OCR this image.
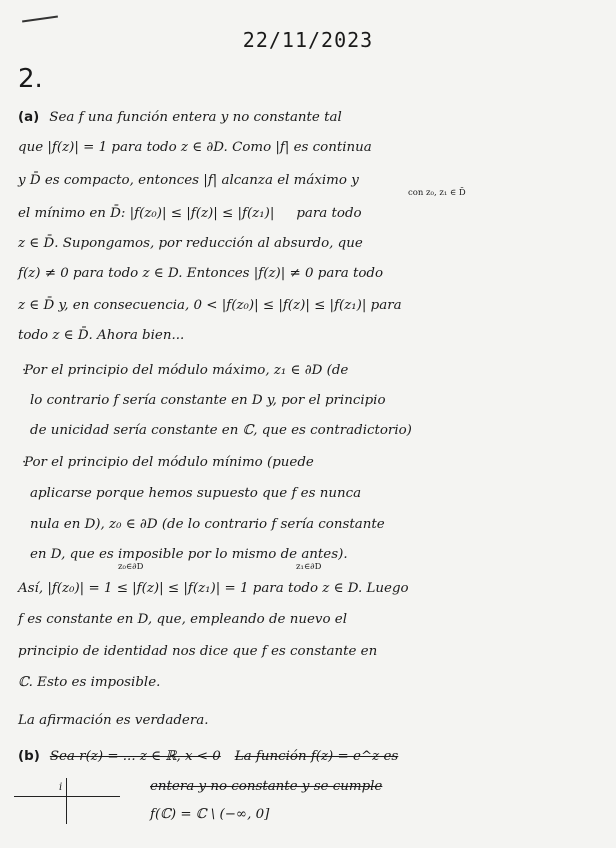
22/11/2023
2.
(a) Sea f una función entera y no constante tal
que |f(z)| = 1 para todo z ∈ ∂D. Como |f| es continua
y D̄ es compacto, entonces |f| alcanza el máximo y
con z₀, z₁ ∈ D̄
el mínimo en D̄: |f(z₀)| ≤ |f(z)| ≤ |f(z₁)| para todo
z ∈ D̄. Supongamos, por reducción al absurdo, que
f(z) ≠ 0 para todo z ∈ D. Entonces |f(z)| ≠ 0 para todo
z ∈ D̄ y, en consecuencia, 0 < |f(z₀)| ≤ |f(z)| ≤ |f(z₁)| para
todo z ∈ D̄. Ahora bien...
· Por el principio del módulo máximo, z₁ ∈ ∂D (de
lo contrario f sería constante en D y, por el principio
de unicidad sería constante en ℂ, que es contradictorio)
· Por el principio del módulo mínimo (puede
aplicarse porque hemos supuesto que f es nunca
nula en D), z₀ ∈ ∂D (de lo contrario f sería constante
en D, que es imposible por lo mismo de antes).
z₀∈∂D	z₁∈∂D
Así, |f(z₀)| = 1 ≤ |f(z)| ≤ |f(z₁)| = 1 para todo z ∈ D. Luego
f es constante en D, que, empleando de nuevo el
principio de identidad nos dice que f es constante en
ℂ. Esto es imposible.
La afirmación es verdadera.
(b) Sea r(z) = ... z ∈ ℝ, x < 0 La función f(z) = e^z es
entera y no constante y se cumple
f(ℂ) = ℂ \ (−∞, 0]
i
